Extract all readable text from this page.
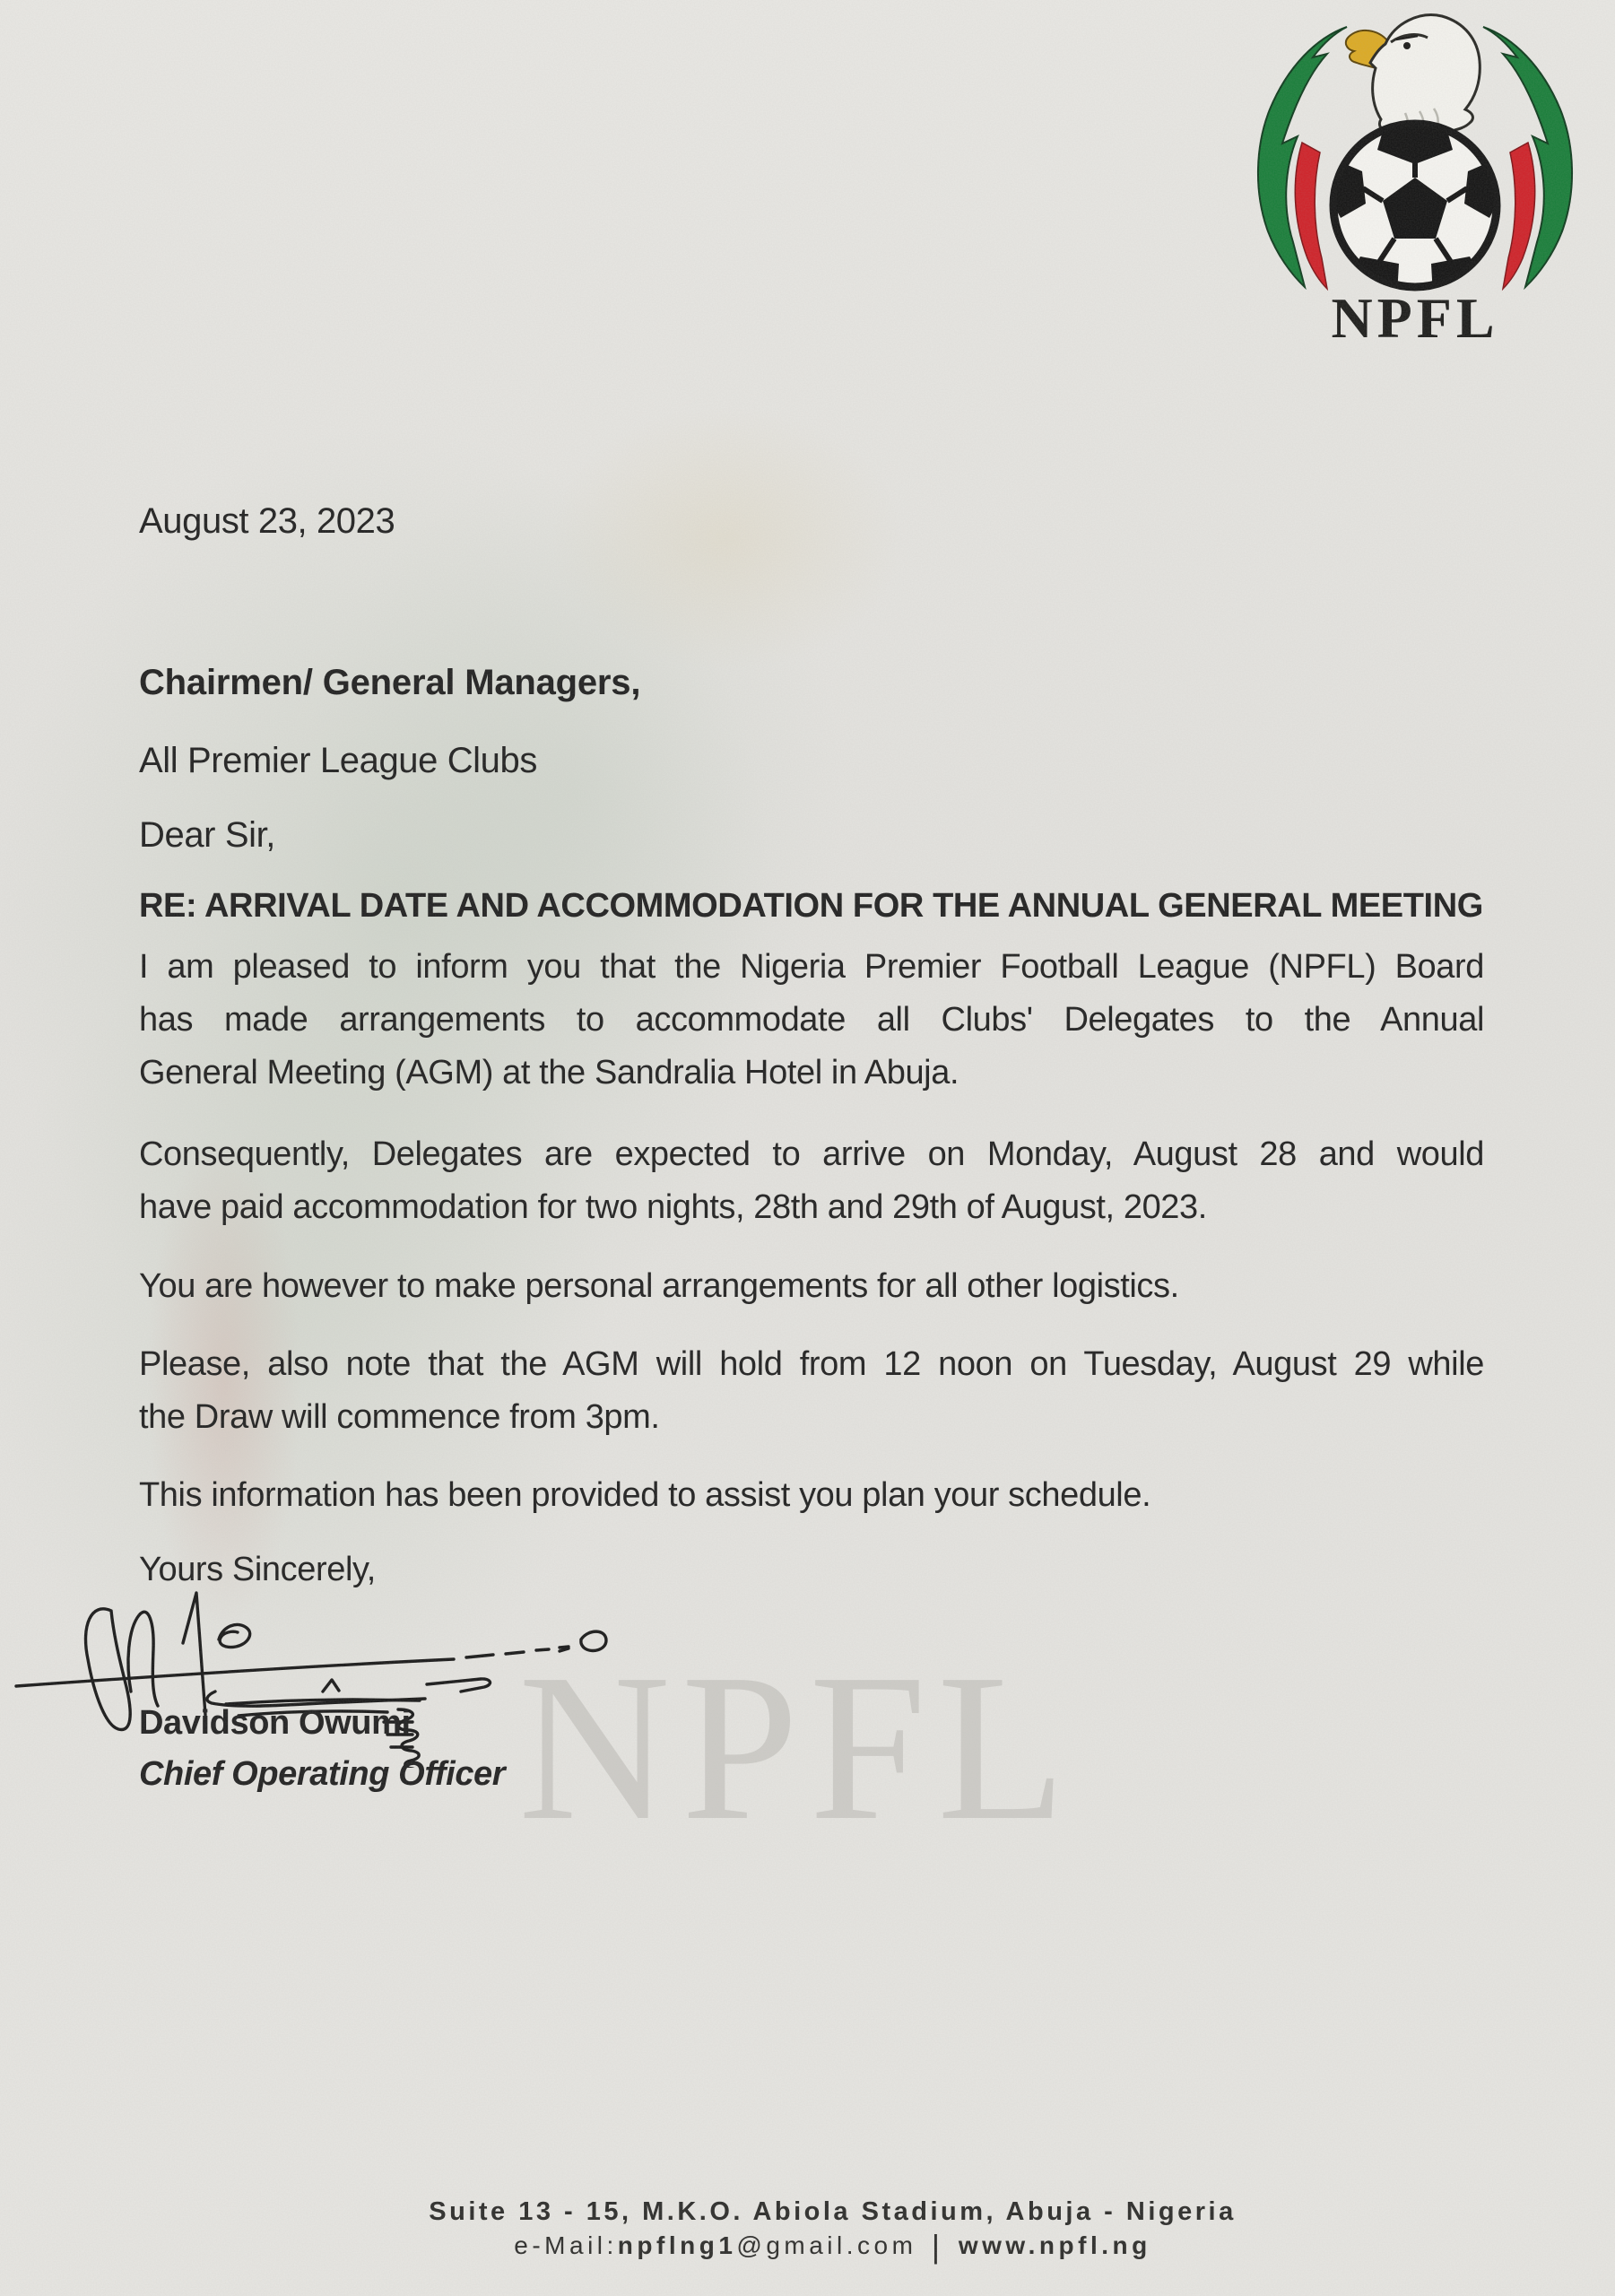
NPFL
August 23, 2023
Chairmen/ General Managers,
All Premier League Clubs
Dear Sir,
RE: ARRIVAL DATE AND ACCOMMODATION FOR THE ANNUAL GENERAL MEETING
I am pleased to inform you that the Nigeria Premier Football League (NPFL) Board
has made arrangements to accommodate all Clubs' Delegates to the Annual
General Meeting (AGM) at the Sandralia Hotel in Abuja.
Consequently, Delegates are expected to arrive on Monday, August 28 and would
have paid accommodation for two nights, 28th and 29th of August, 2023.
You are however to make personal arrangements for all other logistics.
Please, also note that the AGM will hold from 12 noon on Tuesday, August 29 while
the Draw will commence from 3pm.
This information has been provided to assist you plan your schedule.
Yours Sincerely,
NPFL
Davidson Owumi
Chief Operating Officer
Suite 13 - 15, M.K.O. Abiola Stadium, Abuja - Nigeria
e-Mail:npflng1@gmail.com | www.npfl.ng
